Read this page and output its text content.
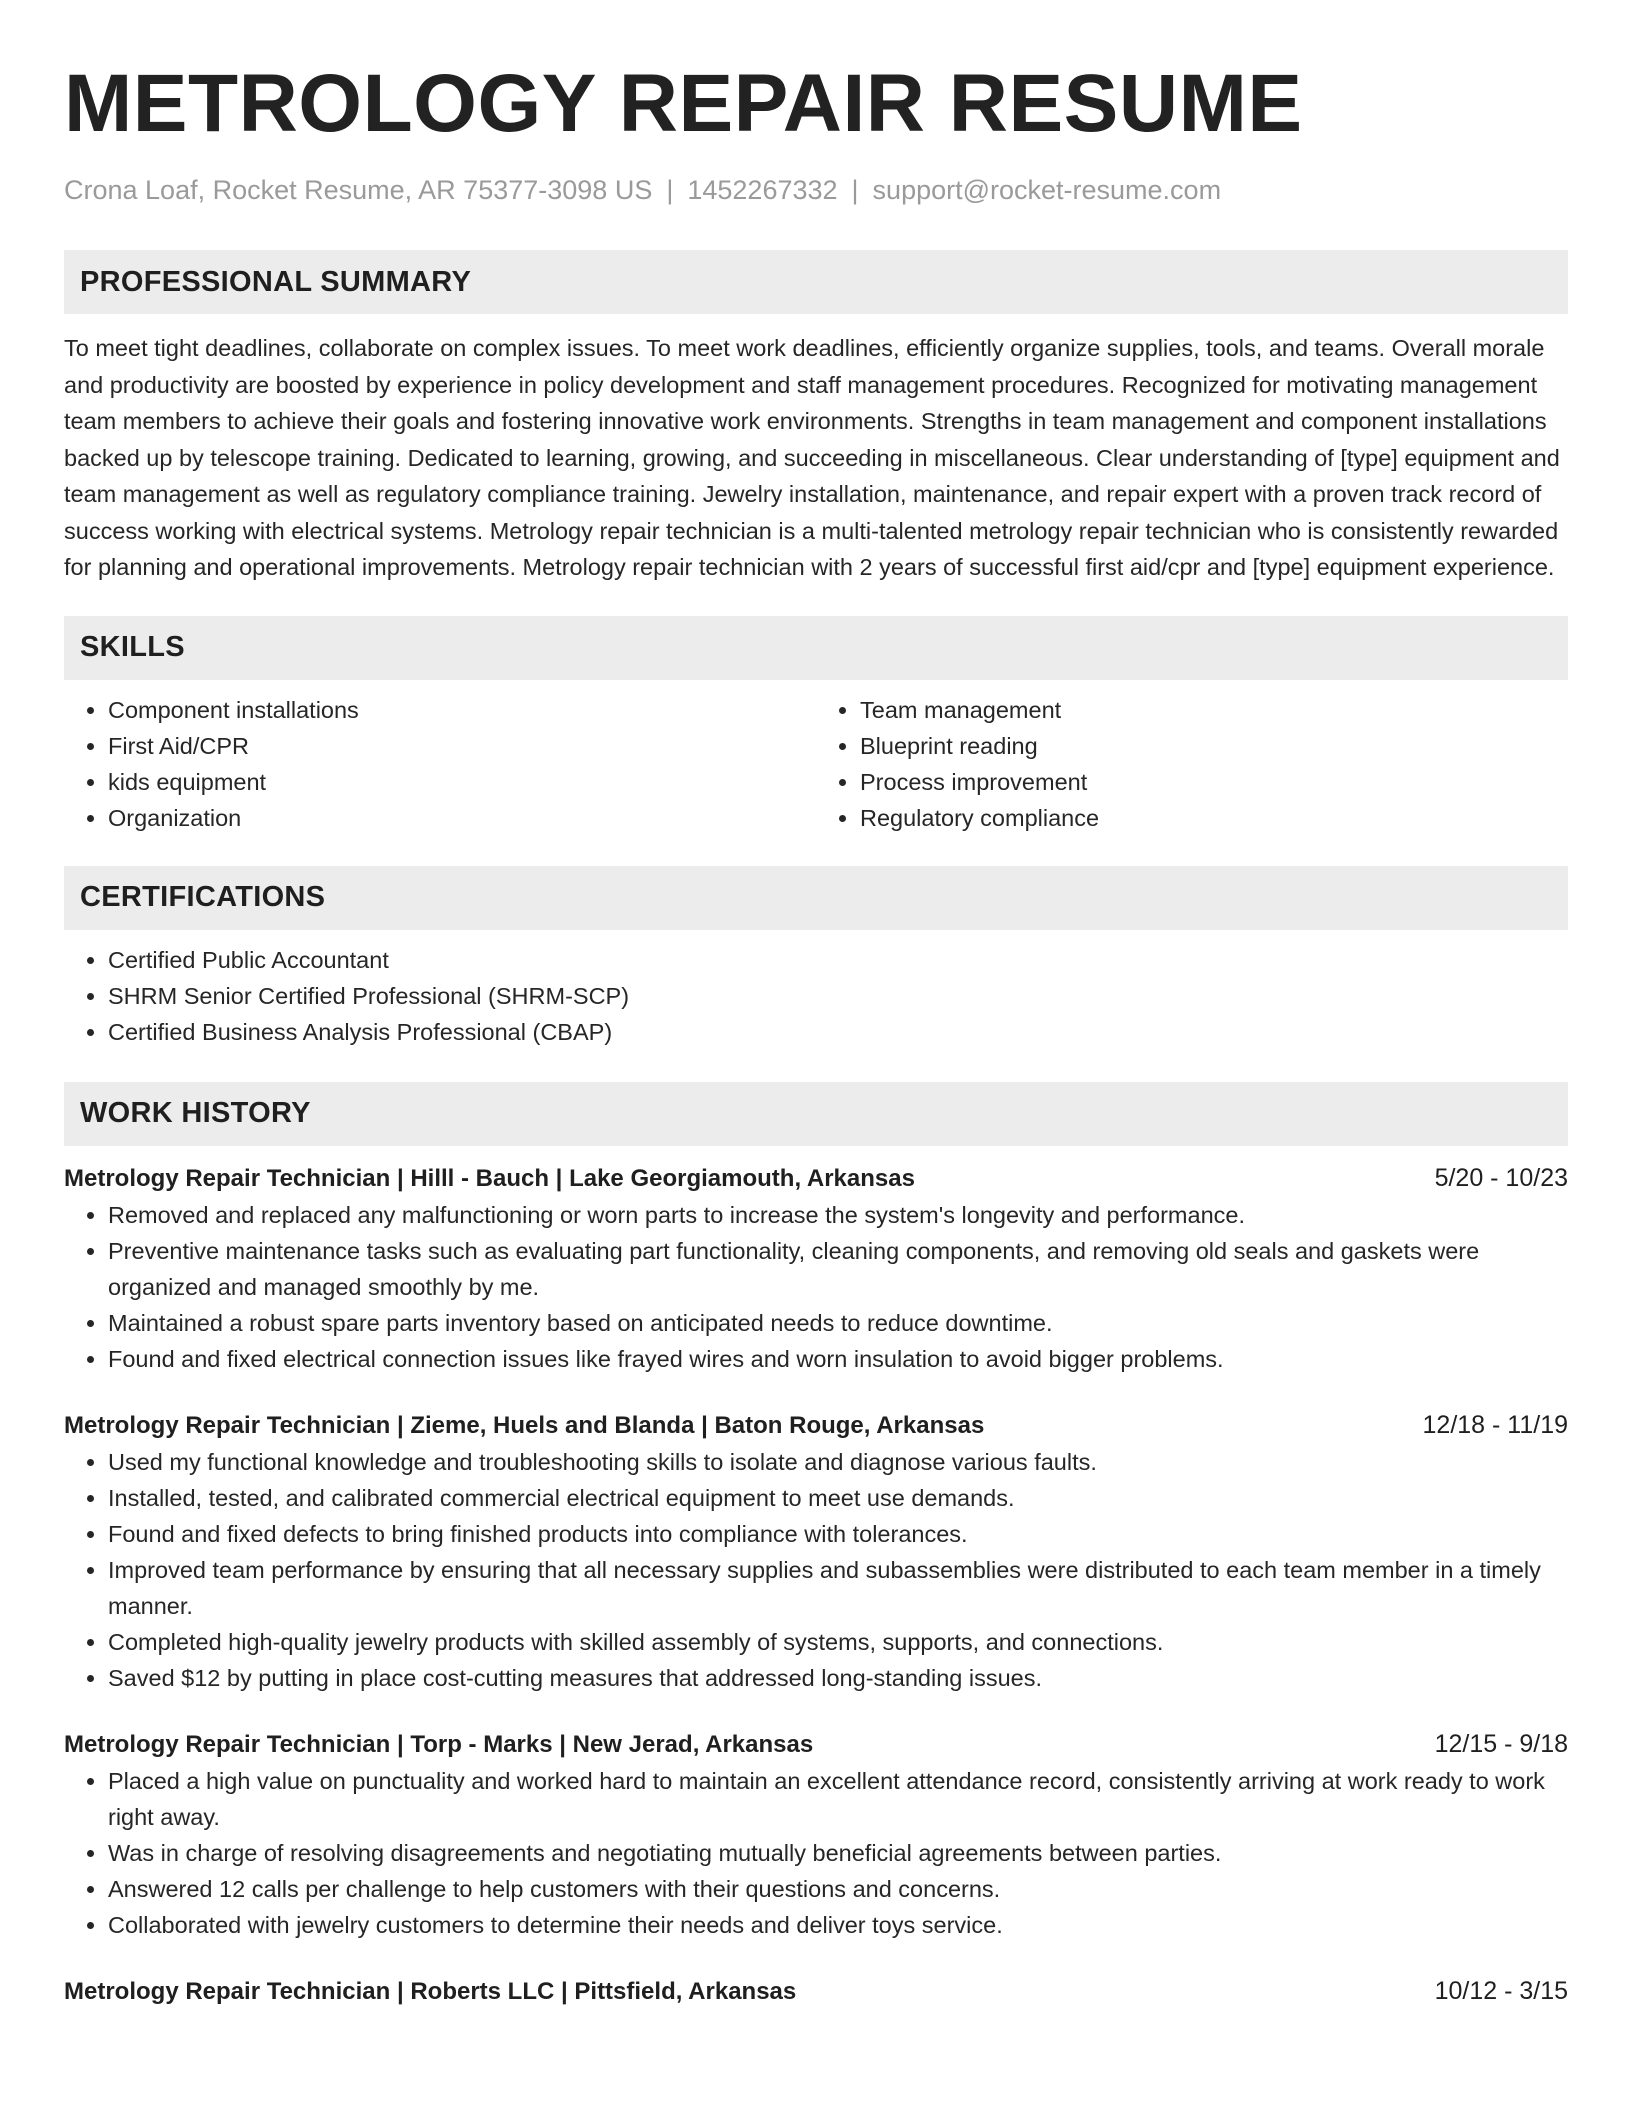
METROLOGY REPAIR RESUME
Crona Loaf, Rocket Resume, AR 75377-3098 US | 1452267332 | support@rocket-resume.com
PROFESSIONAL SUMMARY
To meet tight deadlines, collaborate on complex issues. To meet work deadlines, efficiently organize supplies, tools, and teams. Overall morale and productivity are boosted by experience in policy development and staff management procedures. Recognized for motivating management team members to achieve their goals and fostering innovative work environments. Strengths in team management and component installations backed up by telescope training. Dedicated to learning, growing, and succeeding in miscellaneous. Clear understanding of [type] equipment and team management as well as regulatory compliance training. Jewelry installation, maintenance, and repair expert with a proven track record of success working with electrical systems. Metrology repair technician is a multi-talented metrology repair technician who is consistently rewarded for planning and operational improvements. Metrology repair technician with 2 years of successful first aid/cpr and [type] equipment experience.
SKILLS
• Component installations
• First Aid/CPR
• kids equipment
• Organization
• Team management
• Blueprint reading
• Process improvement
• Regulatory compliance
CERTIFICATIONS
• Certified Public Accountant
• SHRM Senior Certified Professional (SHRM-SCP)
• Certified Business Analysis Professional (CBAP)
WORK HISTORY
Metrology Repair Technician | Hilll - Bauch | Lake Georgiamouth, Arkansas	5/20 - 10/23
• Removed and replaced any malfunctioning or worn parts to increase the system's longevity and performance.
• Preventive maintenance tasks such as evaluating part functionality, cleaning components, and removing old seals and gaskets were organized and managed smoothly by me.
• Maintained a robust spare parts inventory based on anticipated needs to reduce downtime.
• Found and fixed electrical connection issues like frayed wires and worn insulation to avoid bigger problems.
Metrology Repair Technician | Zieme, Huels and Blanda | Baton Rouge, Arkansas	12/18 - 11/19
• Used my functional knowledge and troubleshooting skills to isolate and diagnose various faults.
• Installed, tested, and calibrated commercial electrical equipment to meet use demands.
• Found and fixed defects to bring finished products into compliance with tolerances.
• Improved team performance by ensuring that all necessary supplies and subassemblies were distributed to each team member in a timely manner.
• Completed high-quality jewelry products with skilled assembly of systems, supports, and connections.
• Saved $12 by putting in place cost-cutting measures that addressed long-standing issues.
Metrology Repair Technician | Torp - Marks | New Jerad, Arkansas	12/15 - 9/18
• Placed a high value on punctuality and worked hard to maintain an excellent attendance record, consistently arriving at work ready to work right away.
• Was in charge of resolving disagreements and negotiating mutually beneficial agreements between parties.
• Answered 12 calls per challenge to help customers with their questions and concerns.
• Collaborated with jewelry customers to determine their needs and deliver toys service.
Metrology Repair Technician | Roberts LLC | Pittsfield, Arkansas	10/12 - 3/15
